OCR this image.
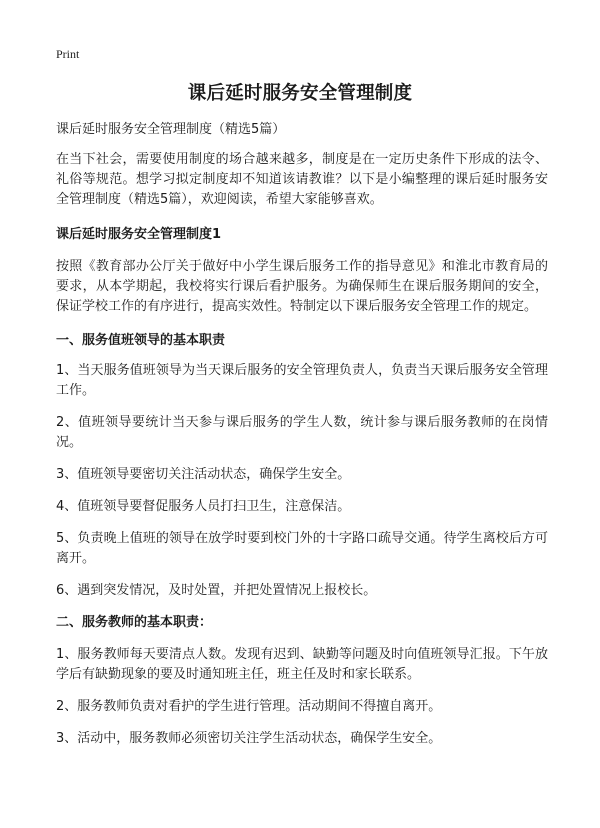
Print
课后延时服务安全管理制度

课后延时服务安全管理制度（精选5篇）

在当下社会，需要使用制度的场合越来越多，制度是在一定历史条件下形成的法令、礼俗等规范。想学习拟定制度却不知道该请教谁？以下是小编整理的课后延时服务安全管理制度（精选5篇），欢迎阅读，希望大家能够喜欢。

课后延时服务安全管理制度1

按照《教育部办公厅关于做好中小学生课后服务工作的指导意见》和淮北市教育局的要求，从本学期起，我校将实行课后看护服务。为确保师生在课后服务期间的安全，保证学校工作的有序进行，提高实效性。特制定以下课后服务安全管理工作的规定。

一、服务值班领导的基本职责

1、当天服务值班领导为当天课后服务的安全管理负责人，负责当天课后服务安全管理工作。

2、值班领导要统计当天参与课后服务的学生人数，统计参与课后服务教师的在岗情况。

3、值班领导要密切关注活动状态，确保学生安全。

4、值班领导要督促服务人员打扫卫生，注意保洁。

5、负责晚上值班的领导在放学时要到校门外的十字路口疏导交通。待学生离校后方可离开。

6、遇到突发情况，及时处置，并把处置情况上报校长。

二、服务教师的基本职责：

1、服务教师每天要清点人数。发现有迟到、缺勤等问题及时向值班领导汇报。下午放学后有缺勤现象的要及时通知班主任，班主任及时和家长联系。

2、服务教师负责对看护的学生进行管理。活动期间不得擅自离开。

3、活动中，服务教师必须密切关注学生活动状态，确保学生安全。
